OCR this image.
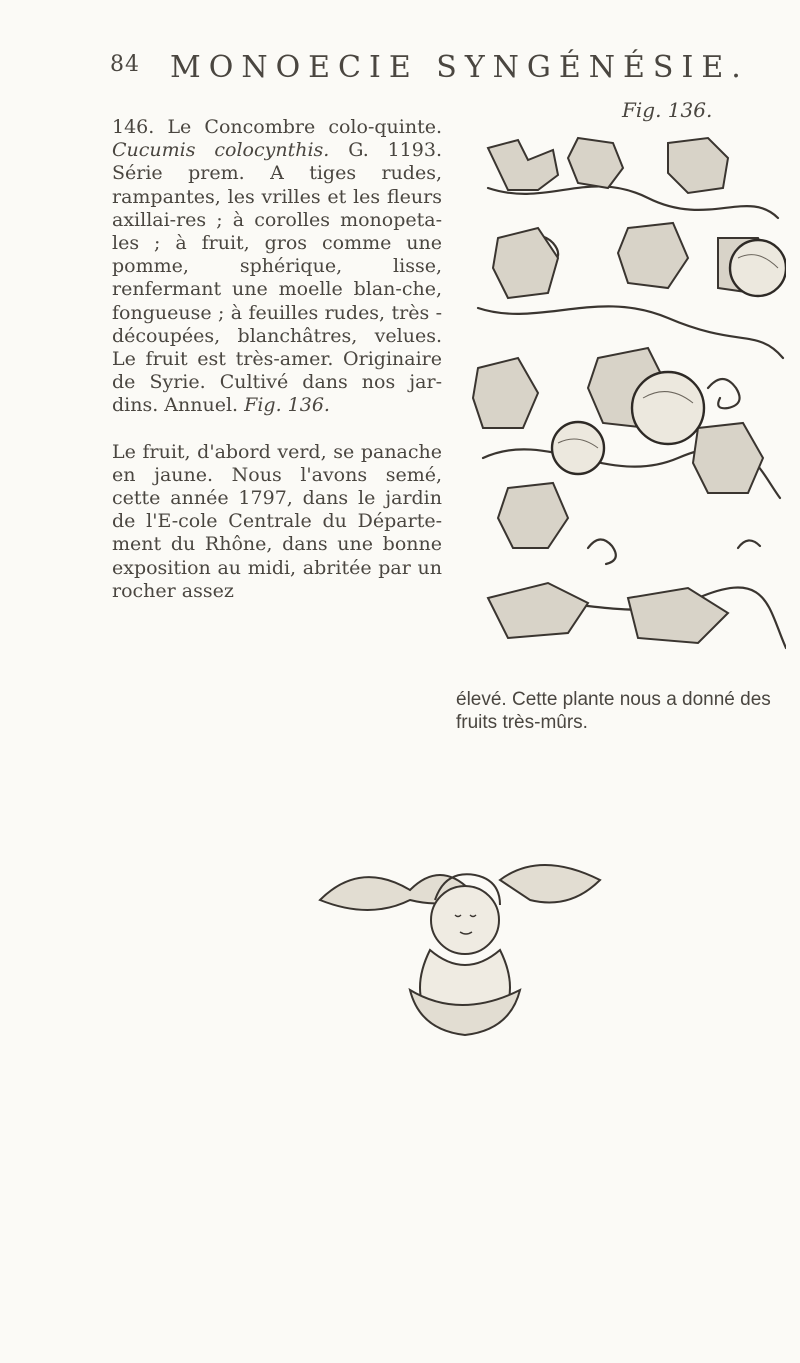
84 MONOECIE SYNGÉNÉSIE.

146. Le Concombre colo-quinte. Cucumis colocynthis. G. 1193. Série prem. A tiges rudes, rampantes, les vrilles et les fleurs axillai-res ; à corolles monopeta-les ; à fruit, gros comme une pomme, sphérique, lisse, renfermant une moelle blan-che, fongueuse ; à feuilles rudes, très - découpées, blanchâtres, velues. Le fruit est très-amer. Originaire de Syrie. Cultivé dans nos jar-dins. Annuel. Fig. 136.

Le fruit, d'abord verd, se panache en jaune. Nous l'avons semé, cette année 1797, dans le jardin de l'E-cole Centrale du Départe-ment du Rhône, dans une bonne exposition au midi, abritée par un rocher assez

Fig. 136.

élevé. Cette plante nous a donné des fruits très-mûrs.
